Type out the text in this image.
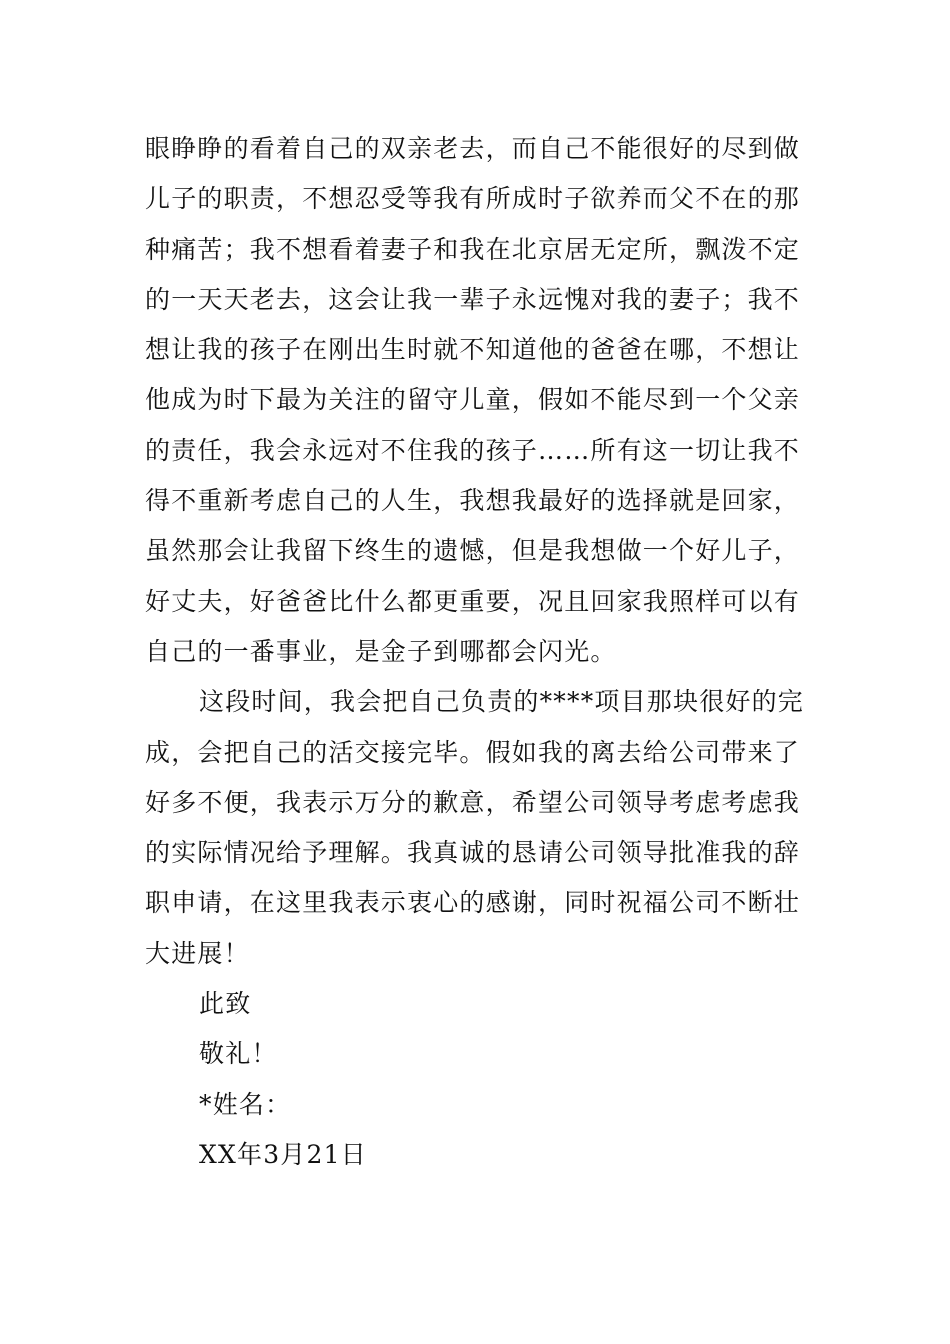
眼睁睁的看着自己的双亲老去，而自己不能很好的尽到做
儿子的职责，不想忍受等我有所成时子欲养而父不在的那
种痛苦；我不想看着妻子和我在北京居无定所，飘泼不定
的一天天老去，这会让我一辈子永远愧对我的妻子；我不
想让我的孩子在刚出生时就不知道他的爸爸在哪，不想让
他成为时下最为关注的留守儿童，假如不能尽到一个父亲
的责任，我会永远对不住我的孩子……所有这一切让我不
得不重新考虑自己的人生，我想我最好的选择就是回家，
虽然那会让我留下终生的遗憾，但是我想做一个好儿子，
好丈夫，好爸爸比什么都更重要，况且回家我照样可以有
自己的一番事业，是金子到哪都会闪光。
这段时间，我会把自己负责的****项目那块很好的完
成，会把自己的活交接完毕。假如我的离去给公司带来了
好多不便，我表示万分的歉意，希望公司领导考虑考虑我
的实际情况给予理解。我真诚的恳请公司领导批准我的辞
职申请，在这里我表示衷心的感谢，同时祝福公司不断壮
大进展！
此致
敬礼！
*姓名：
XX年3月21日
